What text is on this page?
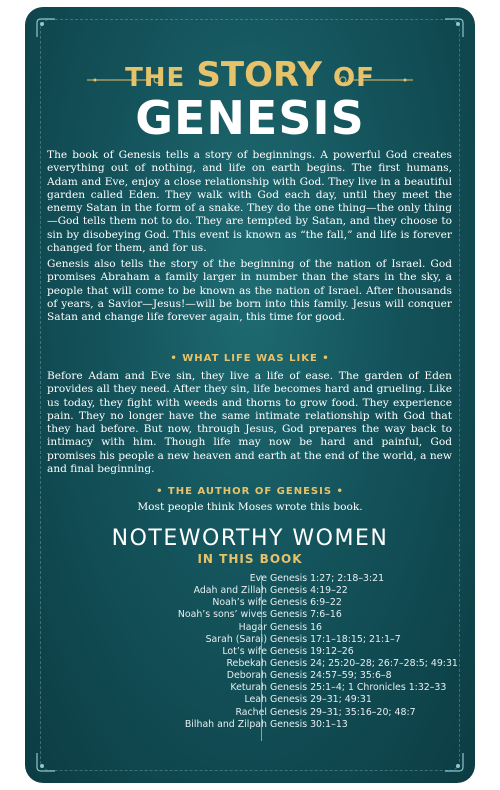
THE STORY OF
GENESIS

The book of Genesis tells a story of beginnings. A powerful God creates everything out of nothing, and life on earth begins. The first humans, Adam and Eve, enjoy a close relationship with God. They live in a beautiful garden called Eden. They walk with God each day, until they meet the enemy Satan in the form of a snake. They do the one thing—the only thing—God tells them not to do. They are tempted by Satan, and they choose to sin by disobeying God. This event is known as “the fall,” and life is forever changed for them, and for us.

Genesis also tells the story of the beginning of the nation of Israel. God promises Abraham a family larger in number than the stars in the sky, a people that will come to be known as the nation of Israel. After thousands of years, a Savior—Jesus!—will be born into this family. Jesus will conquer Satan and change life forever again, this time for good.

• WHAT LIFE WAS LIKE •

Before Adam and Eve sin, they live a life of ease. The garden of Eden provides all they need. After they sin, life becomes hard and grueling. Like us today, they fight with weeds and thorns to grow food. They experience pain. They no longer have the same intimate relationship with God that they had before. But now, through Jesus, God prepares the way back to intimacy with him. Though life may now be hard and painful, God promises his people a new heaven and earth at the end of the world, a new and final beginning.

• THE AUTHOR OF GENESIS •
Most people think Moses wrote this book.
NOTEWORTHY WOMEN
IN THIS BOOK
Eve Genesis 1:27; 2:18–3:21
Adah and Zillah Genesis 4:19–22
Noah’s wife Genesis 6:9–22
Noah’s sons’ wives Genesis 7:6–16
Hagar Genesis 16
Sarah (Sarai) Genesis 17:1–18:15; 21:1–7
Lot’s wife Genesis 19:12–26
Rebekah Genesis 24; 25:20–28; 26:7–28:5; 49:31
Deborah Genesis 24:57–59; 35:6–8
Keturah Genesis 25:1–4; 1 Chronicles 1:32–33
Leah Genesis 29–31; 49:31
Rachel Genesis 29–31; 35:16–20; 48:7
Bilhah and Zilpah Genesis 30:1–13
